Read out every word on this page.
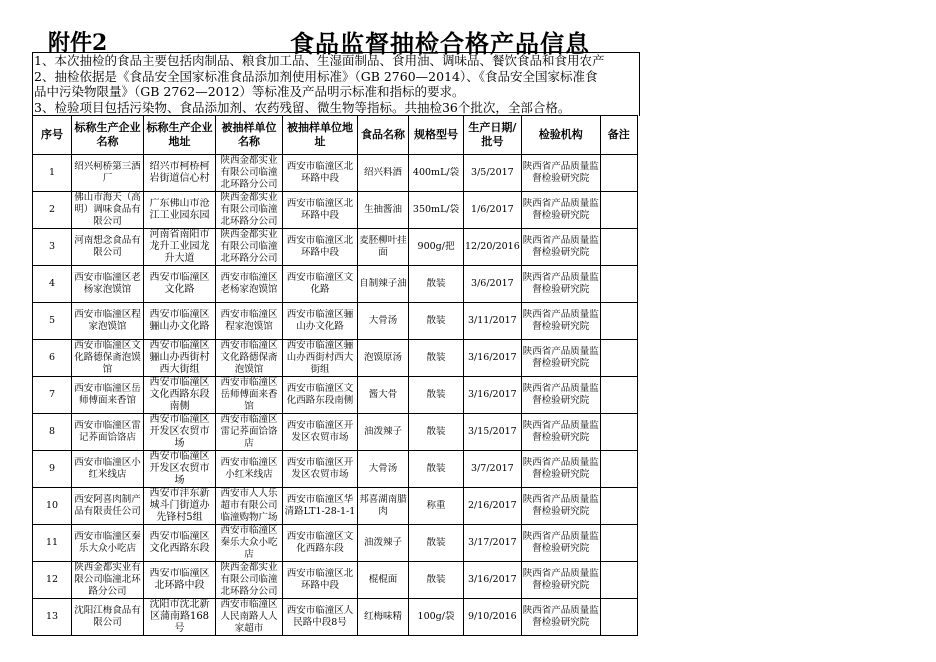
附件2	食品监督抽检合格产品信息
1、本次抽检的食品主要包括肉制品、粮食加工品、生湿面制品、食用油、调味品、餐饮食品和食用农产
2、抽检依据是《食品安全国家标准食品添加剂使用标准》（GB 2760—2014）、《食品安全国家标准食
品中污染物限量》（GB 2762—2012）等标准及产品明示标准和指标的要求。
3、检验项目包括污染物、食品添加剂、农药残留、微生物等指标。共抽检36个批次，全部合格。
序号	标称生产企业名称	标称生产企业地址	被抽样单位名称	被抽样单位地址	食品名称	规格型号	生产日期/批号	检验机构	备注

1	绍兴柯桥第三酒厂	绍兴市柯桥柯岩街道信心村	陕西金都实业有限公司临潼北环路分公司	西安市临潼区北环路中段	绍兴料酒	400mL/袋	3/5/2017	陕西省产品质量监督检验研究院	

2	佛山市海天（高明）调味食品有限公司	广东佛山市沧江工业园东园	陕西金都实业有限公司临潼北环路分公司	西安市临潼区北环路中段	生抽酱油	350mL/袋	1/6/2017	陕西省产品质量监督检验研究院	

3	河南想念食品有限公司	河南省南阳市龙升工业园龙升大道	陕西金都实业有限公司临潼北环路分公司	西安市临潼区北环路中段	麦胚柳叶挂面	900g/把	12/20/2016	陕西省产品质量监督检验研究院	

4	西安市临潼区老杨家泡馍馆	西安市临潼区文化路	西安市临潼区老杨家泡馍馆	西安市临潼区文化路	自制辣子油	散装	3/6/2017	陕西省产品质量监督检验研究院	

5	西安市临潼区程家泡馍馆	西安市临潼区骊山办文化路	西安市临潼区程家泡馍馆	西安市临潼区骊山办文化路	大骨汤	散装	3/11/2017	陕西省产品质量监督检验研究院	

6	西安市临潼区文化路德保斋泡馍馆	西安市临潼区骊山办西街村西大街组	西安市临潼区文化路德保斋泡馍馆	西安市临潼区骊山办西街村西大街组	泡馍原汤	散装	3/16/2017	陕西省产品质量监督检验研究院	

7	西安市临潼区岳师傅面来香馆	西安市临潼区文化西路东段南侧	西安市临潼区岳师傅面来香馆	西安市临潼区文化西路东段南侧	酱大骨	散装	3/16/2017	陕西省产品质量监督检验研究院	

8	西安市临潼区雷记荞面饸饹店	西安市临潼区开发区农贸市场	西安市临潼区雷记荞面饸饹店	西安市临潼区开发区农贸市场	油泼辣子	散装	3/15/2017	陕西省产品质量监督检验研究院	

9	西安市临潼区小红米线店	西安市临潼区开发区农贸市场	西安市临潼区小红米线店	西安市临潼区开发区农贸市场	大骨汤	散装	3/7/2017	陕西省产品质量监督检验研究院	

10	西安阿喜肉制产品有限责任公司	西安市沣东新城斗门街道办先锋村5组	西安市人人乐超市有限公司临潼购物广场	西安市临潼区华清路LT1-28-1-1	邦喜湖南腊肉	称重	2/16/2017	陕西省产品质量监督检验研究院	

11	西安市临潼区秦乐大众小吃店	西安市临潼区文化西路东段	西安市临潼区秦乐大众小吃店	西安市临潼区文化西路东段	油泼辣子	散装	3/17/2017	陕西省产品质量监督检验研究院	

12	陕西金都实业有限公司临潼北环路分公司	西安市临潼区北环路中段	陕西金都实业有限公司临潼北环路分公司	西安市临潼区北环路中段	棍棍面	散装	3/16/2017	陕西省产品质量监督检验研究院	

13	沈阳江梅食品有限公司	沈阳市沈北新区蒲南路168号	西安市临潼区人民南路人人家超市	西安市临潼区人民路中段8号	红梅味精	100g/袋	9/10/2016	陕西省产品质量监督检验研究院	
